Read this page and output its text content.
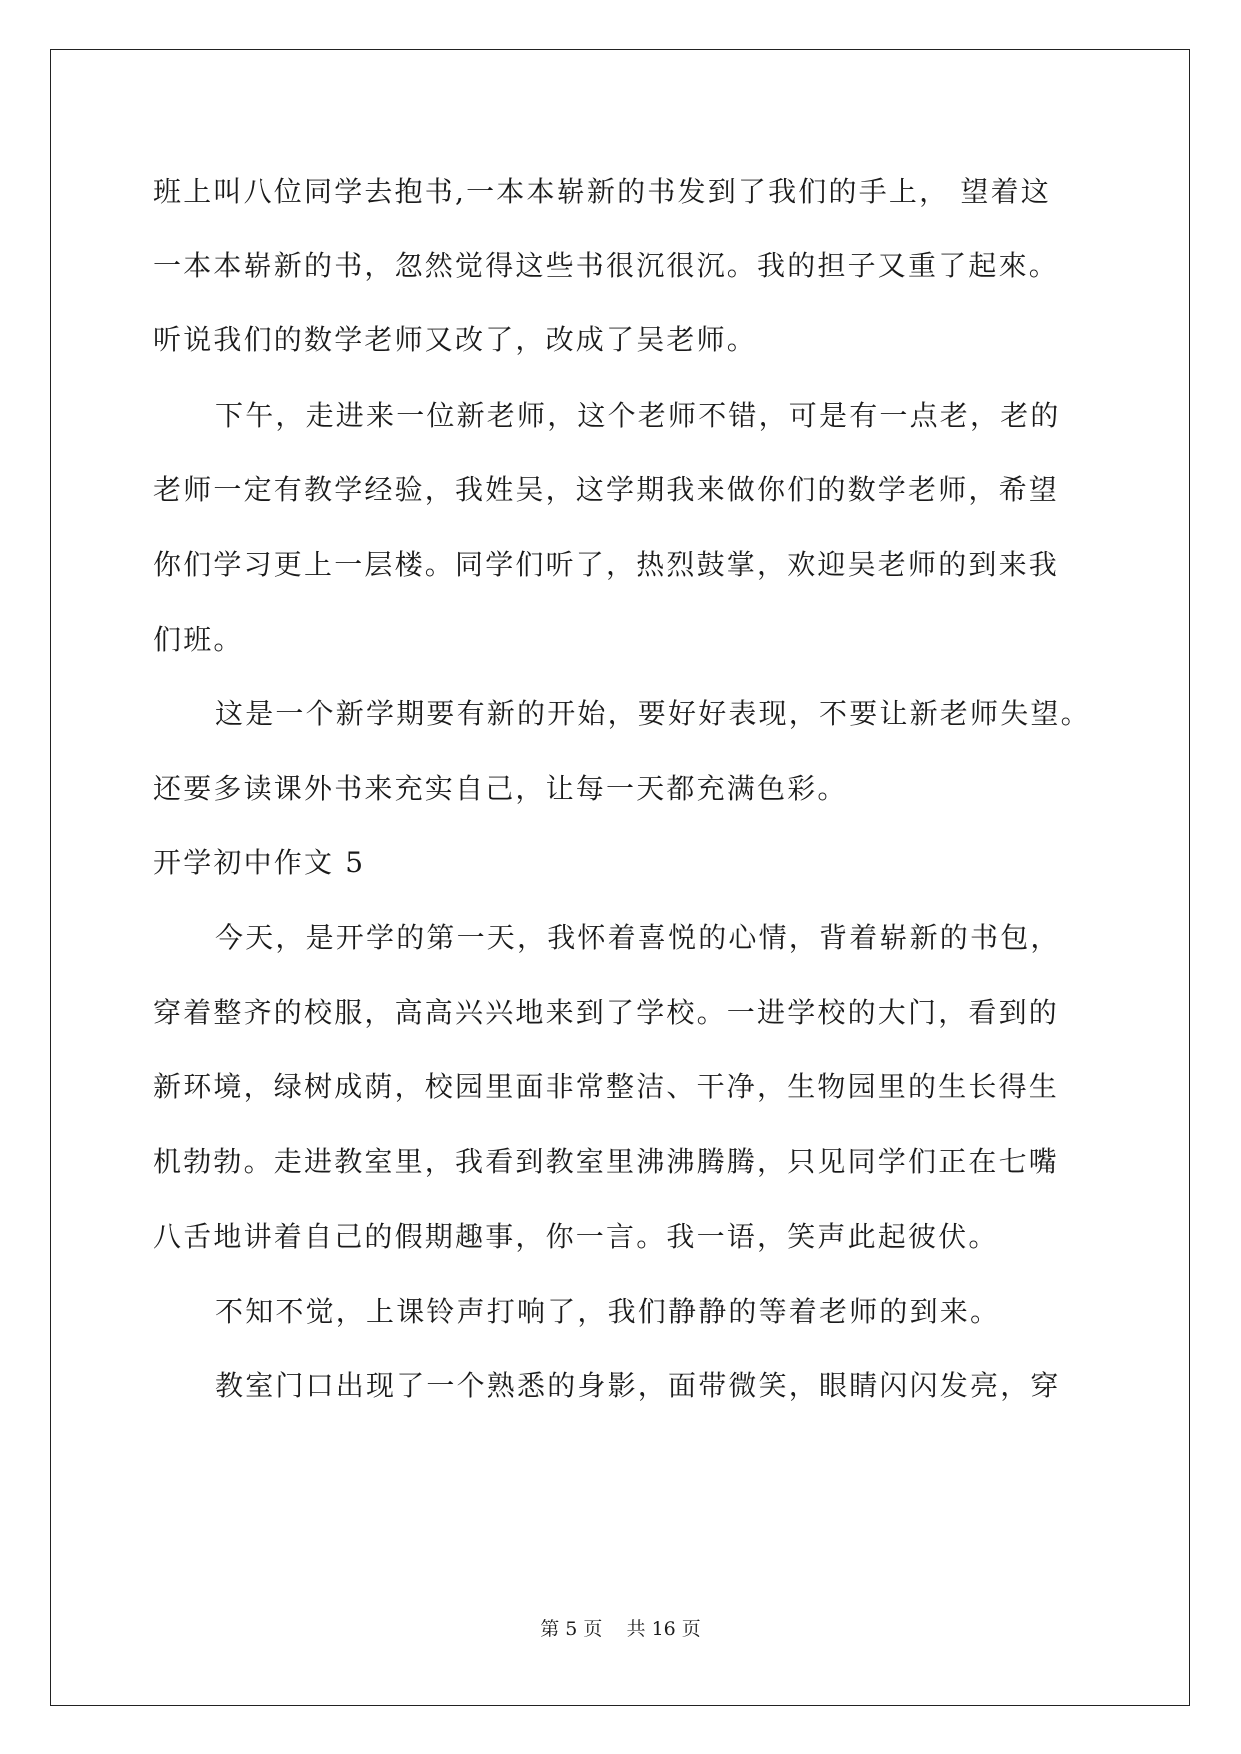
班上叫八位同学去抱书,一本本崭新的书发到了我们的手上， 望着这
一本本崭新的书，忽然觉得这些书很沉很沉。我的担子又重了起來。
听说我们的数学老师又改了，改成了吴老师。
下午，走进来一位新老师，这个老师不错，可是有一点老，老的
老师一定有教学经验，我姓吴，这学期我来做你们的数学老师，希望
你们学习更上一层楼。同学们听了，热烈鼓掌，欢迎吴老师的到来我
们班。
这是一个新学期要有新的开始，要好好表现，不要让新老师失望。
还要多读课外书来充实自己，让每一天都充满色彩。
开学初中作文 5
今天，是开学的第一天，我怀着喜悦的心情，背着崭新的书包，
穿着整齐的校服，高高兴兴地来到了学校。一进学校的大门，看到的
新环境，绿树成荫，校园里面非常整洁、干净，生物园里的生长得生
机勃勃。走进教室里，我看到教室里沸沸腾腾，只见同学们正在七嘴
八舌地讲着自己的假期趣事，你一言。我一语，笑声此起彼伏。
不知不觉，上课铃声打响了，我们静静的等着老师的到来。
教室门口出现了一个熟悉的身影，面带微笑，眼睛闪闪发亮，穿
第 5 页    共 16 页
